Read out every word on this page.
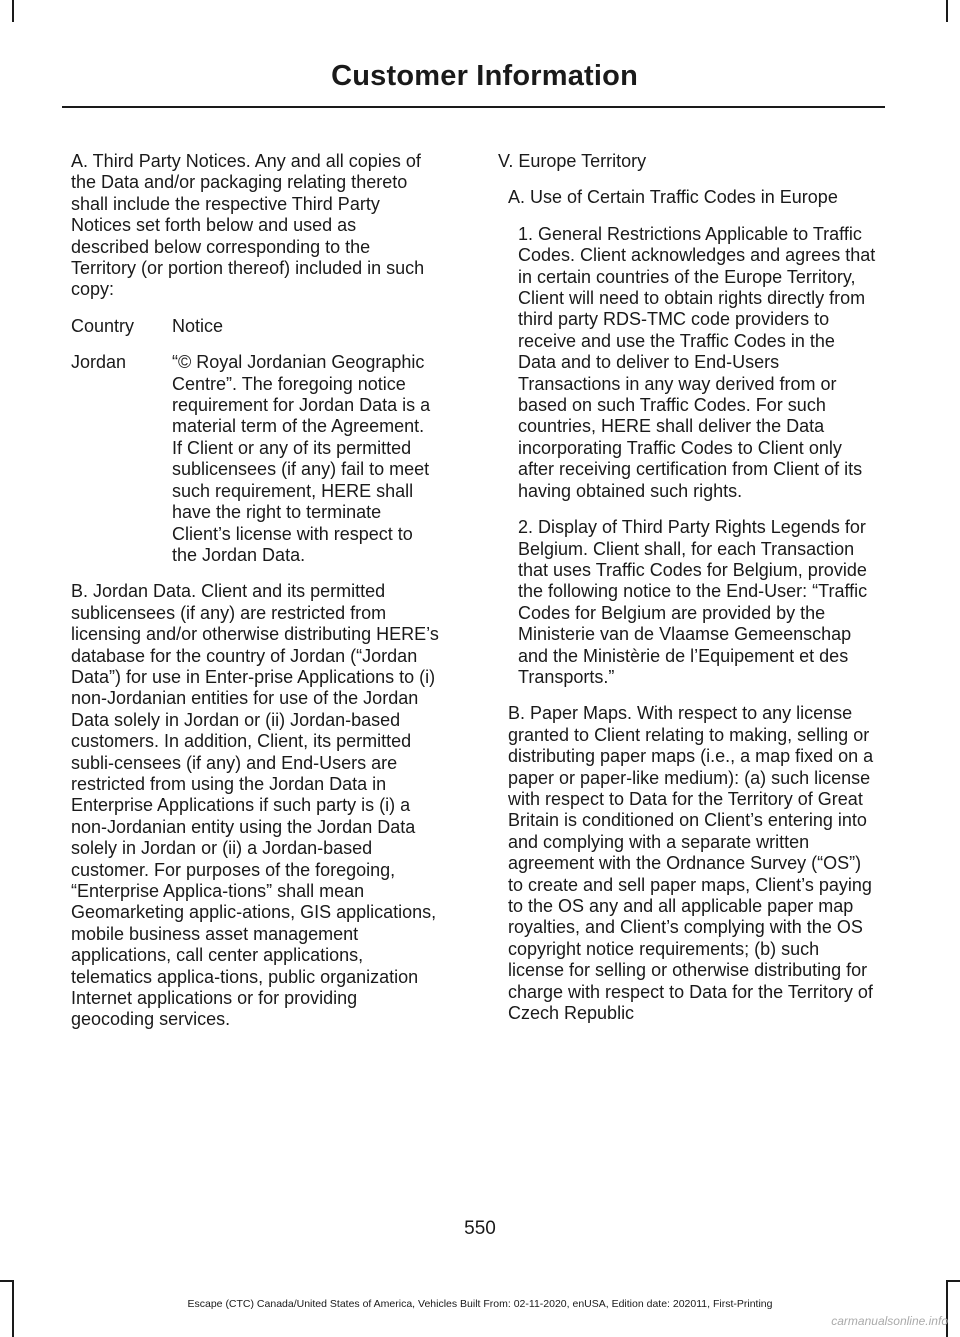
Customer Information

A. Third Party Notices. Any and all copies of the Data and/or packaging relating thereto shall include the respective Third Party Notices set forth below and used as described below corresponding to the Territory (or portion thereof) included in such copy:

Country	Notice
Jordan	“© Royal Jordanian Geographic Centre”. The foregoing notice requirement for Jordan Data is a material term of the Agreement. If Client or any of its permitted sublicensees (if any) fail to meet such requirement, HERE shall have the right to terminate Client’s license with respect to the Jordan Data.

B. Jordan Data. Client and its permitted sublicensees (if any) are restricted from licensing and/or otherwise distributing HERE’s database for the country of Jordan (“Jordan Data”) for use in Enter-prise Applications to (i) non-Jordanian entities for use of the Jordan Data solely in Jordan or (ii) Jordan-based customers. In addition, Client, its permitted subli-censees (if any) and End-Users are restricted from using the Jordan Data in Enterprise Applications if such party is (i) a non-Jordanian entity using the Jordan Data solely in Jordan or (ii) a Jordan-based customer. For purposes of the foregoing, “Enterprise Applica-tions” shall mean Geomarketing applic-ations, GIS applications, mobile business asset management applications, call center applications, telematics applica-tions, public organization Internet applications or for providing geocoding services.

V. Europe Territory

A. Use of Certain Traffic Codes in Europe

1. General Restrictions Applicable to Traffic Codes. Client acknowledges and agrees that in certain countries of the Europe Territory, Client will need to obtain rights directly from third party RDS-TMC code providers to receive and use the Traffic Codes in the Data and to deliver to End-Users Transactions in any way derived from or based on such Traffic Codes. For such countries, HERE shall deliver the Data incorporating Traffic Codes to Client only after receiving certification from Client of its having obtained such rights.

2. Display of Third Party Rights Legends for Belgium. Client shall, for each Transaction that uses Traffic Codes for Belgium, provide the following notice to the End-User: “Traffic Codes for Belgium are provided by the Ministerie van de Vlaamse Gemeenschap and the Ministèrie de l’Equipement et des Transports.”

B. Paper Maps. With respect to any license granted to Client relating to making, selling or distributing paper maps (i.e., a map fixed on a paper or paper-like medium): (a) such license with respect to Data for the Territory of Great Britain is conditioned on Client’s entering into and complying with a separate written agreement with the Ordnance Survey (“OS”) to create and sell paper maps, Client’s paying to the OS any and all applicable paper map royalties, and Client’s complying with the OS copyright notice requirements; (b) such license for selling or otherwise distributing for charge with respect to Data for the Territory of Czech Republic

550
Escape (CTC) Canada/United States of America, Vehicles Built From: 02-11-2020, enUSA, Edition date: 202011, First-Printing
carmanualsonline.info
